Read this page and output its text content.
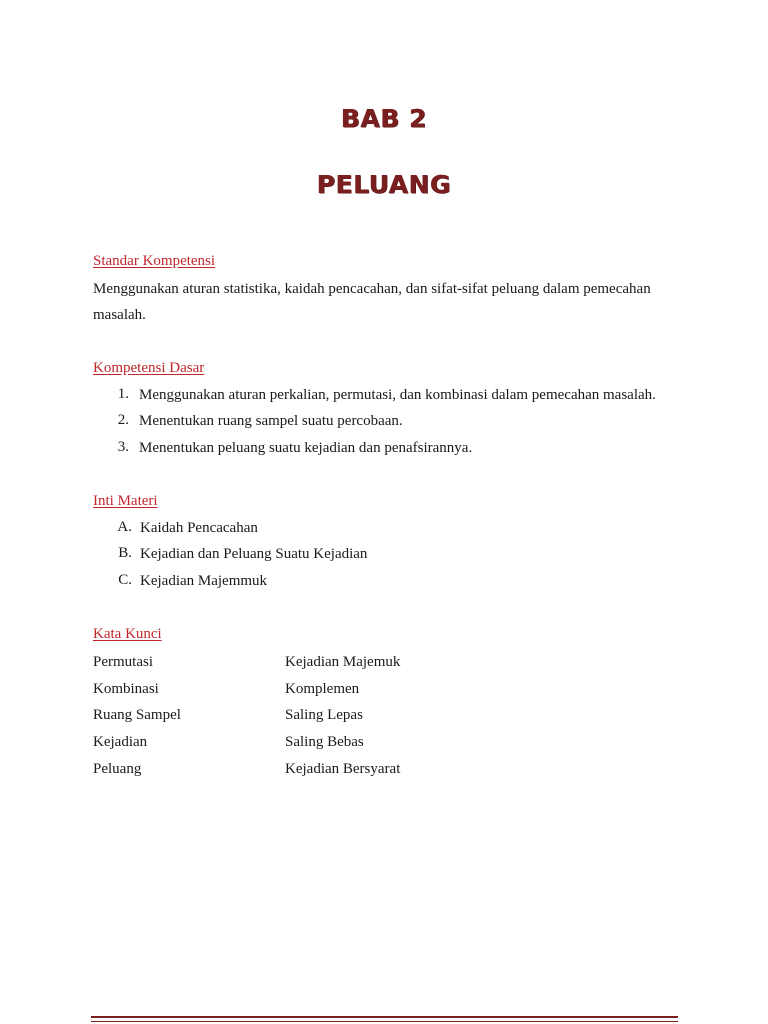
BAB 2
PELUANG
Standar Kompetensi
Menggunakan aturan statistika, kaidah pencacahan, dan sifat-sifat peluang dalam pemecahan
masalah.
Kompetensi Dasar
1. Menggunakan aturan perkalian, permutasi, dan kombinasi dalam pemecahan masalah.
2. Menentukan ruang sampel suatu percobaan.
3. Menentukan peluang suatu kejadian dan penafsirannya.
Inti Materi
A. Kaidah Pencacahan
B. Kejadian dan Peluang Suatu Kejadian
C. Kejadian Majemmuk
Kata Kunci
Permutasi
Kombinasi
Ruang Sampel
Kejadian
Peluang
Kejadian Majemuk
Komplemen
Saling Lepas
Saling Bebas
Kejadian Bersyarat
